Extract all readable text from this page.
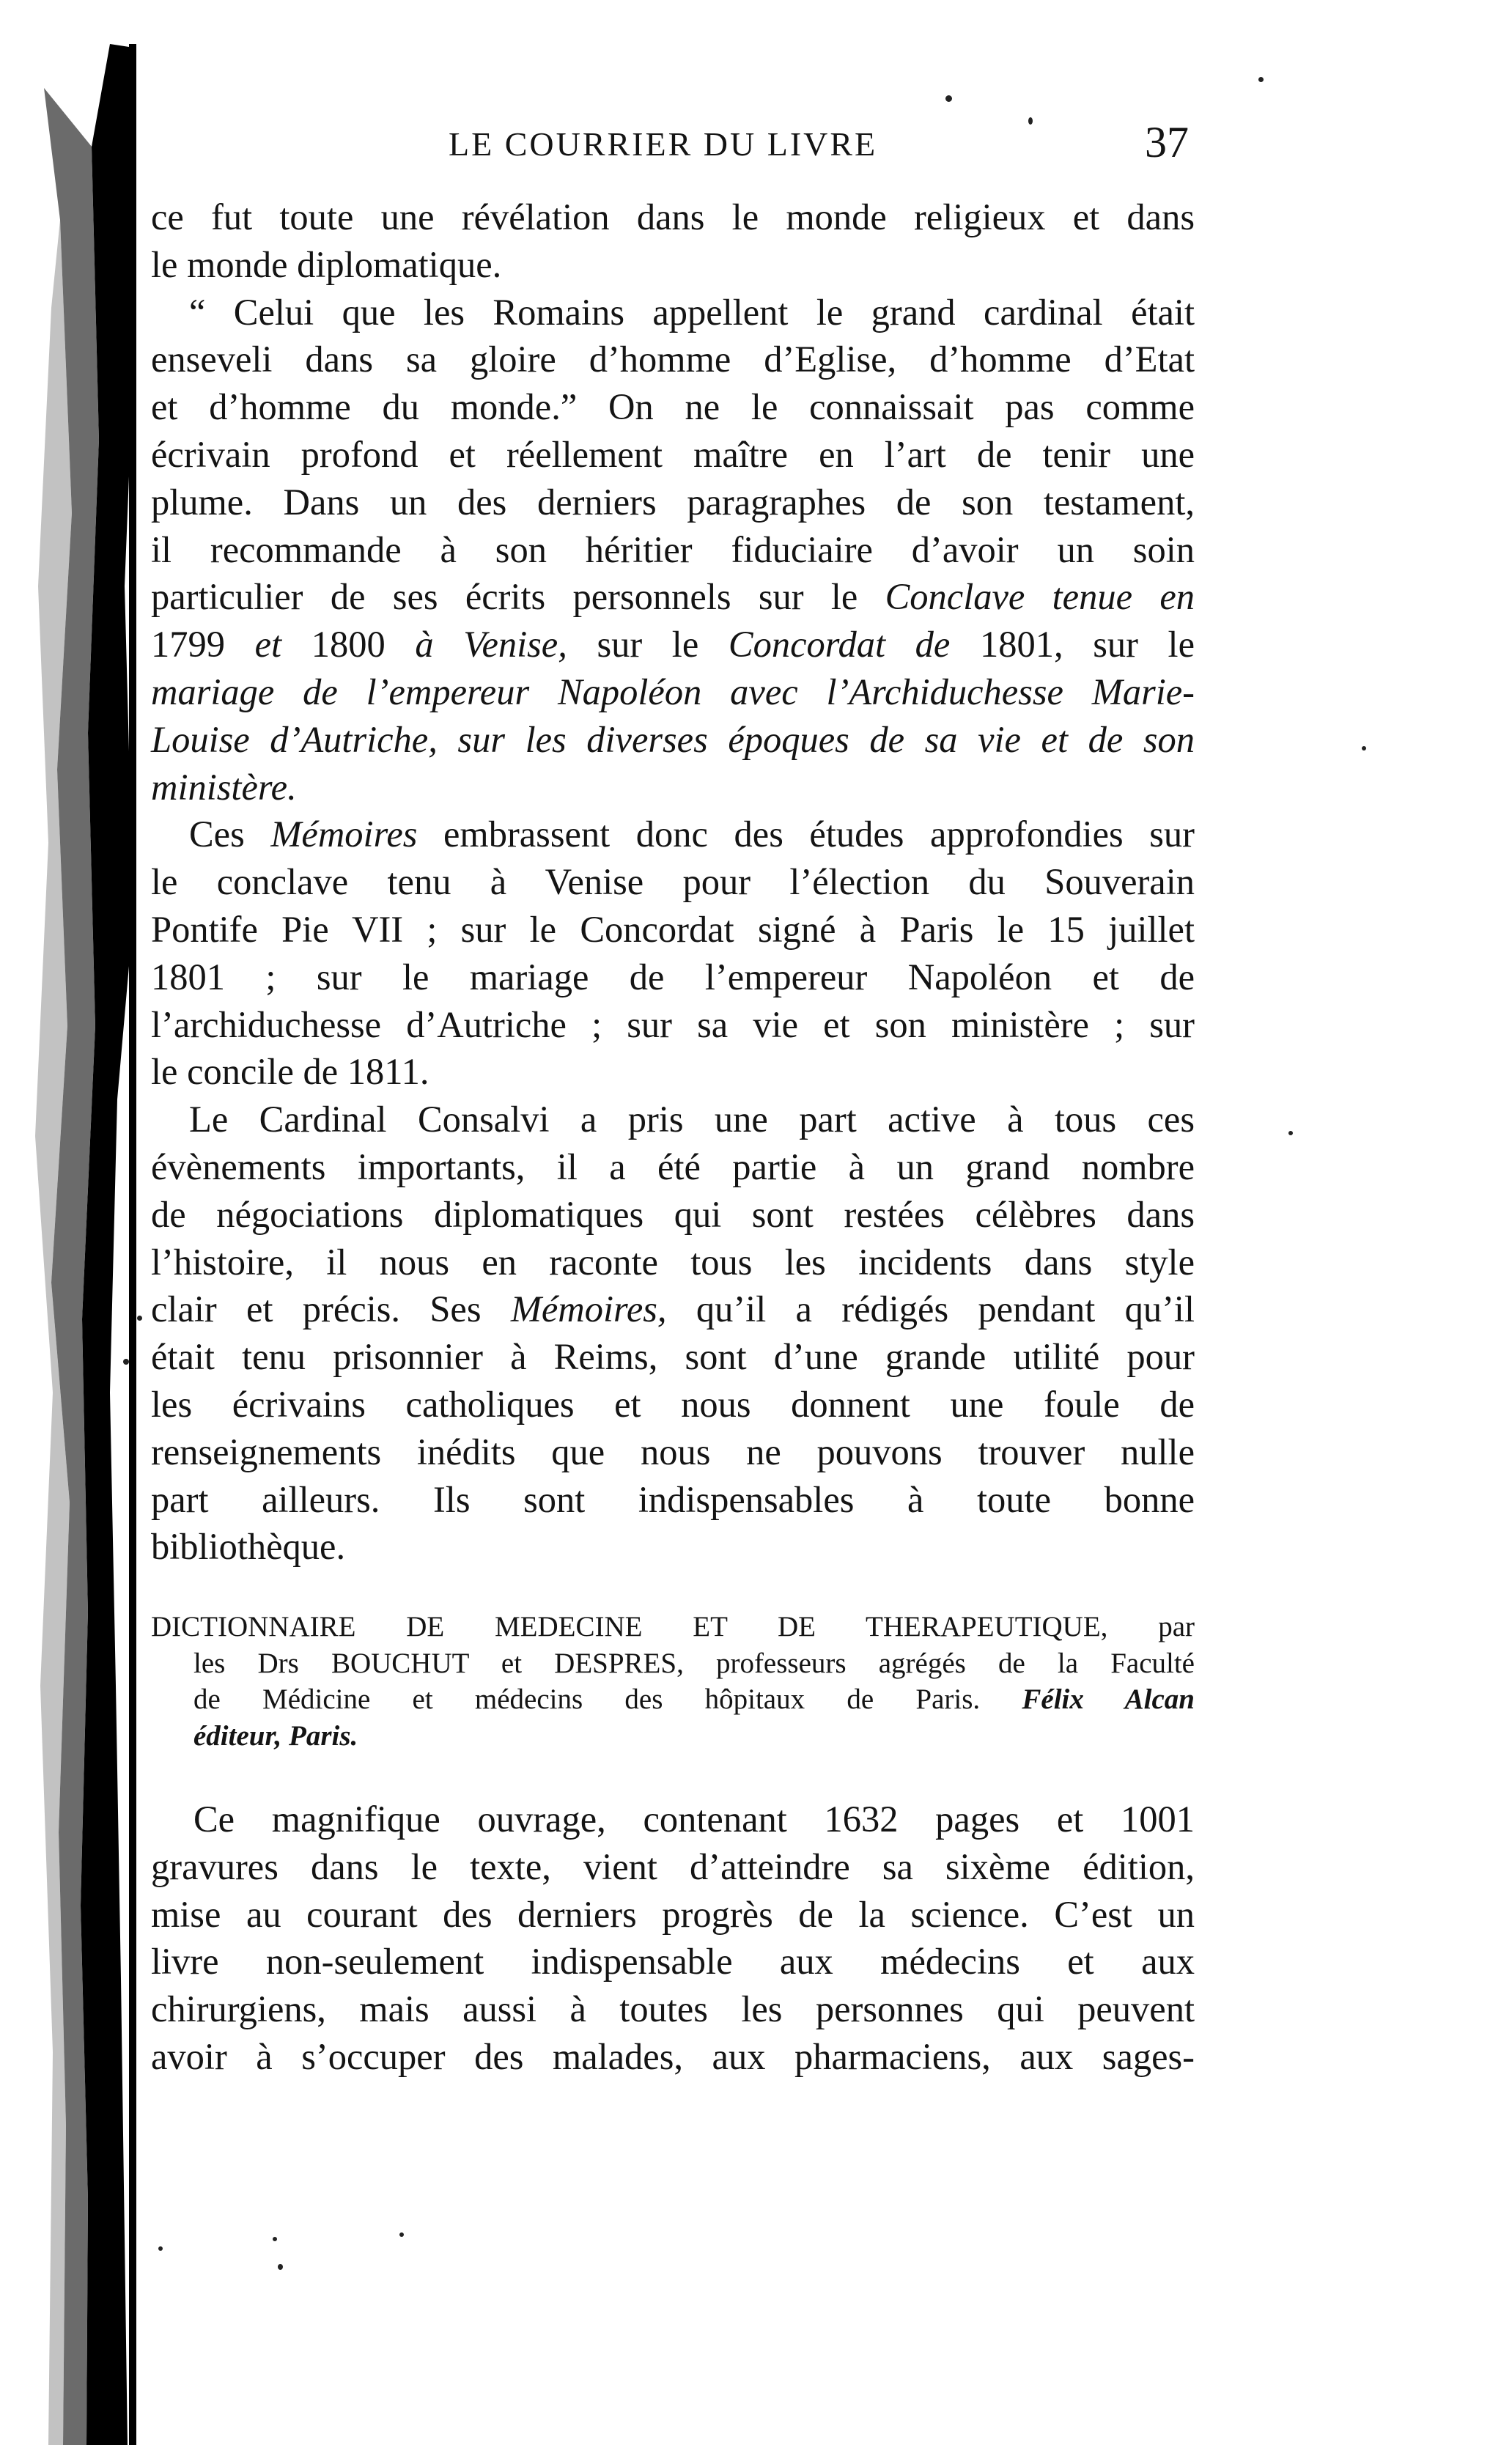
LE COURRIER DU LIVRE	37
ce fut toute une révélation dans le monde religieux et dans
le monde diplomatique.
“ Celui que les Romains appellent le grand cardinal était
enseveli dans sa gloire d’homme d’Eglise, d’homme d’Etat
et d’homme du monde.” On ne le connaissait pas comme
écrivain profond et réellement maître en l’art de tenir une
plume. Dans un des derniers paragraphes de son testament,
il recommande à son héritier fiduciaire d’avoir un soin
particulier de ses écrits personnels sur le Conclave tenue en
1799 et 1800 à Venise, sur le Concordat de 1801, sur le
mariage de l’empereur Napoléon avec l’Archiduchesse Marie-
Louise d’Autriche, sur les diverses époques de sa vie et de son
ministère.
Ces Mémoires embrassent donc des études approfondies sur
le conclave tenu à Venise pour l’élection du Souverain
Pontife Pie VII ; sur le Concordat signé à Paris le 15 juillet
1801 ; sur le mariage de l’empereur Napoléon et de
l’archiduchesse d’Autriche ; sur sa vie et son ministère ; sur
le concile de 1811.
Le Cardinal Consalvi a pris une part active à tous ces
évènements importants, il a été partie à un grand nombre
de négociations diplomatiques qui sont restées célèbres dans
l’histoire, il nous en raconte tous les incidents dans style
clair et précis. Ses Mémoires, qu’il a rédigés pendant qu’il
était tenu prisonnier à Reims, sont d’une grande utilité pour
les écrivains catholiques et nous donnent une foule de
renseignements inédits que nous ne pouvons trouver nulle
part ailleurs. Ils sont indispensables à toute bonne
bibliothèque.
DICTIONNAIRE DE MEDECINE ET DE THERAPEUTIQUE, par
les Drs BOUCHUT et DESPRES, professeurs agrégés de la Faculté
de Médicine et médecins des hôpitaux de Paris. Félix Alcan
éditeur, Paris.
Ce magnifique ouvrage, contenant 1632 pages et 1001
gravures dans le texte, vient d’atteindre sa sixème édition,
mise au courant des derniers progrès de la science. C’est un
livre non-seulement indispensable aux médecins et aux
chirurgiens, mais aussi à toutes les personnes qui peuvent
avoir à s’occuper des malades, aux pharmaciens, aux sages-
